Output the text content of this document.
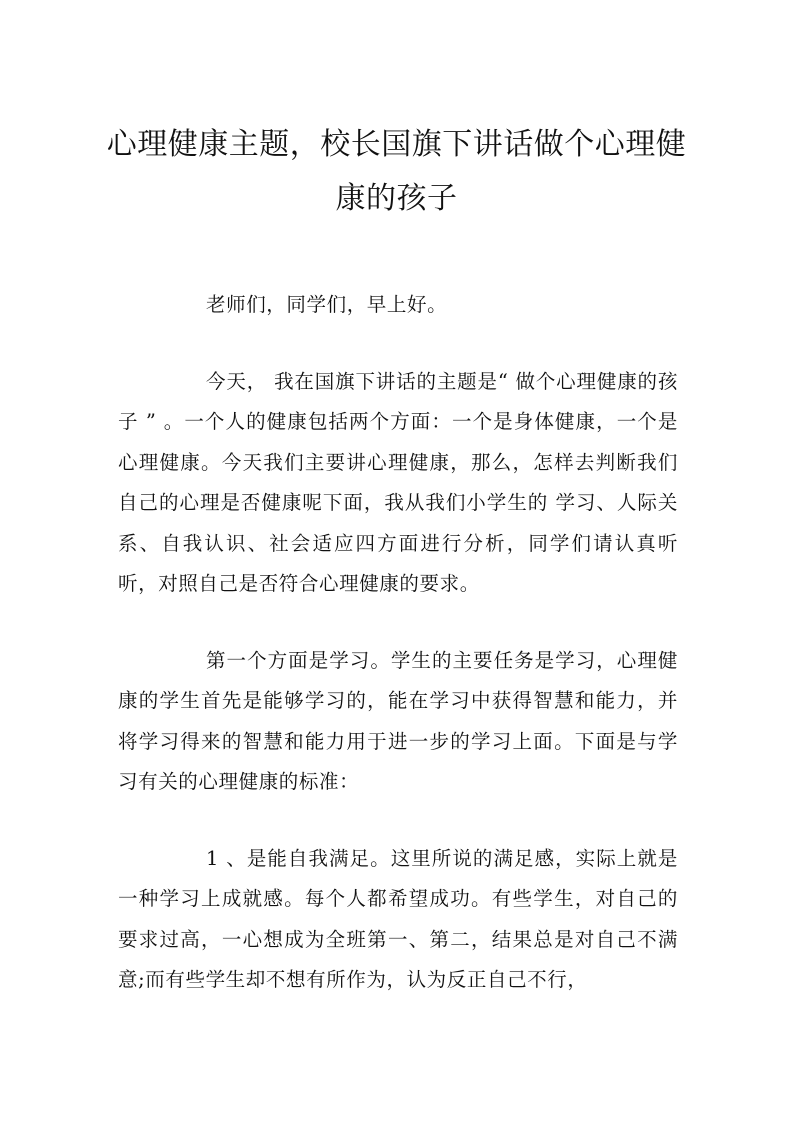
心理健康主题，校长国旗下讲话做个心理健康的孩子

老师们，同学们，早上好。

今天， 我在国旗下讲话的主题是“ 做个心理健康的孩子 ” 。一个人的健康包括两个方面：一个是身体健康，一个是心理健康。今天我们主要讲心理健康，那么，怎样去判断我们自己的心理是否健康呢下面，我从我们小学生的 学习、人际关系、自我认识、社会适应四方面进行分析，同学们请认真听听，对照自己是否符合心理健康的要求。

第一个方面是学习。学生的主要任务是学习，心理健康的学生首先是能够学习的，能在学习中获得智慧和能力，并将学习得来的智慧和能力用于进一步的学习上面。下面是与学习有关的心理健康的标准：

1 、是能自我满足。这里所说的满足感，实际上就是一种学习上成就感。每个人都希望成功。有些学生，对自己的要求过高，一心想成为全班第一、第二，结果总是对自己不满意;而有些学生却不想有所作为，认为反正自己不行，
